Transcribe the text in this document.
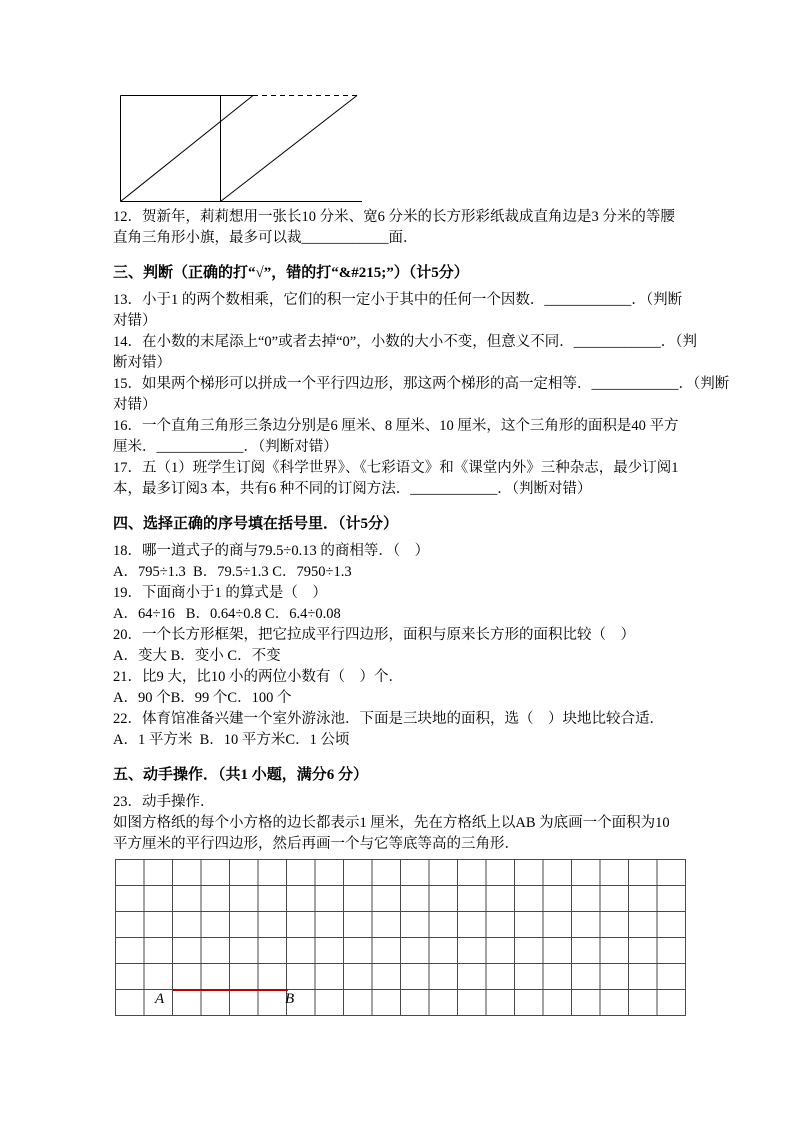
12．贺新年，莉莉想用一张长10 分米、宽6 分米的长方形彩纸裁成直角边是3 分米的等腰
直角三角形小旗，最多可以裁____________面．
三、判断（正确的打“√”，错的打“&#215;”）（计5分）
13．小于1 的两个数相乘，它们的积一定小于其中的任何一个因数．____________．（判断
对错）
14．在小数的末尾添上“0”或者去掉“0”，小数的大小不变，但意义不同．____________．（判
断对错）
15．如果两个梯形可以拼成一个平行四边形，那这两个梯形的高一定相等．____________．（判断
对错）
16．一个直角三角形三条边分别是6 厘米、8 厘米、10 厘米，这个三角形的面积是40 平方
厘米．____________．（判断对错）
17．五（1）班学生订阅《科学世界》、《七彩语文》和《课堂内外》三种杂志，最少订阅1
本，最多订阅3 本，共有6 种不同的订阅方法．____________．（判断对错）
四、选择正确的序号填在括号里．（计5分）
18．哪一道式子的商与79.5÷0.13 的商相等．（    ）
A．795÷1.3  B．79.5÷1.3 C．7950÷1.3
19．下面商小于1 的算式是（    ）
A．64÷16   B．0.64÷0.8 C．6.4÷0.08
20．一个长方形框架，把它拉成平行四边形，面积与原来长方形的面积比较（    ）
A．变大 B．变小 C．不变
21．比9 大，比10 小的两位小数有（    ）个．
A．90 个B．99 个C．100 个
22．体育馆准备兴建一个室外游泳池．下面是三块地的面积，选（    ）块地比较合适．
A．1 平方米  B．10 平方米C．1 公顷
五、动手操作．（共1 小题，满分6 分）
23．动手操作．
如图方格纸的每个小方格的边长都表示1 厘米，先在方格纸上以AB 为底画一个面积为10
平方厘米的平行四边形，然后再画一个与它等底等高的三角形．
A	B
